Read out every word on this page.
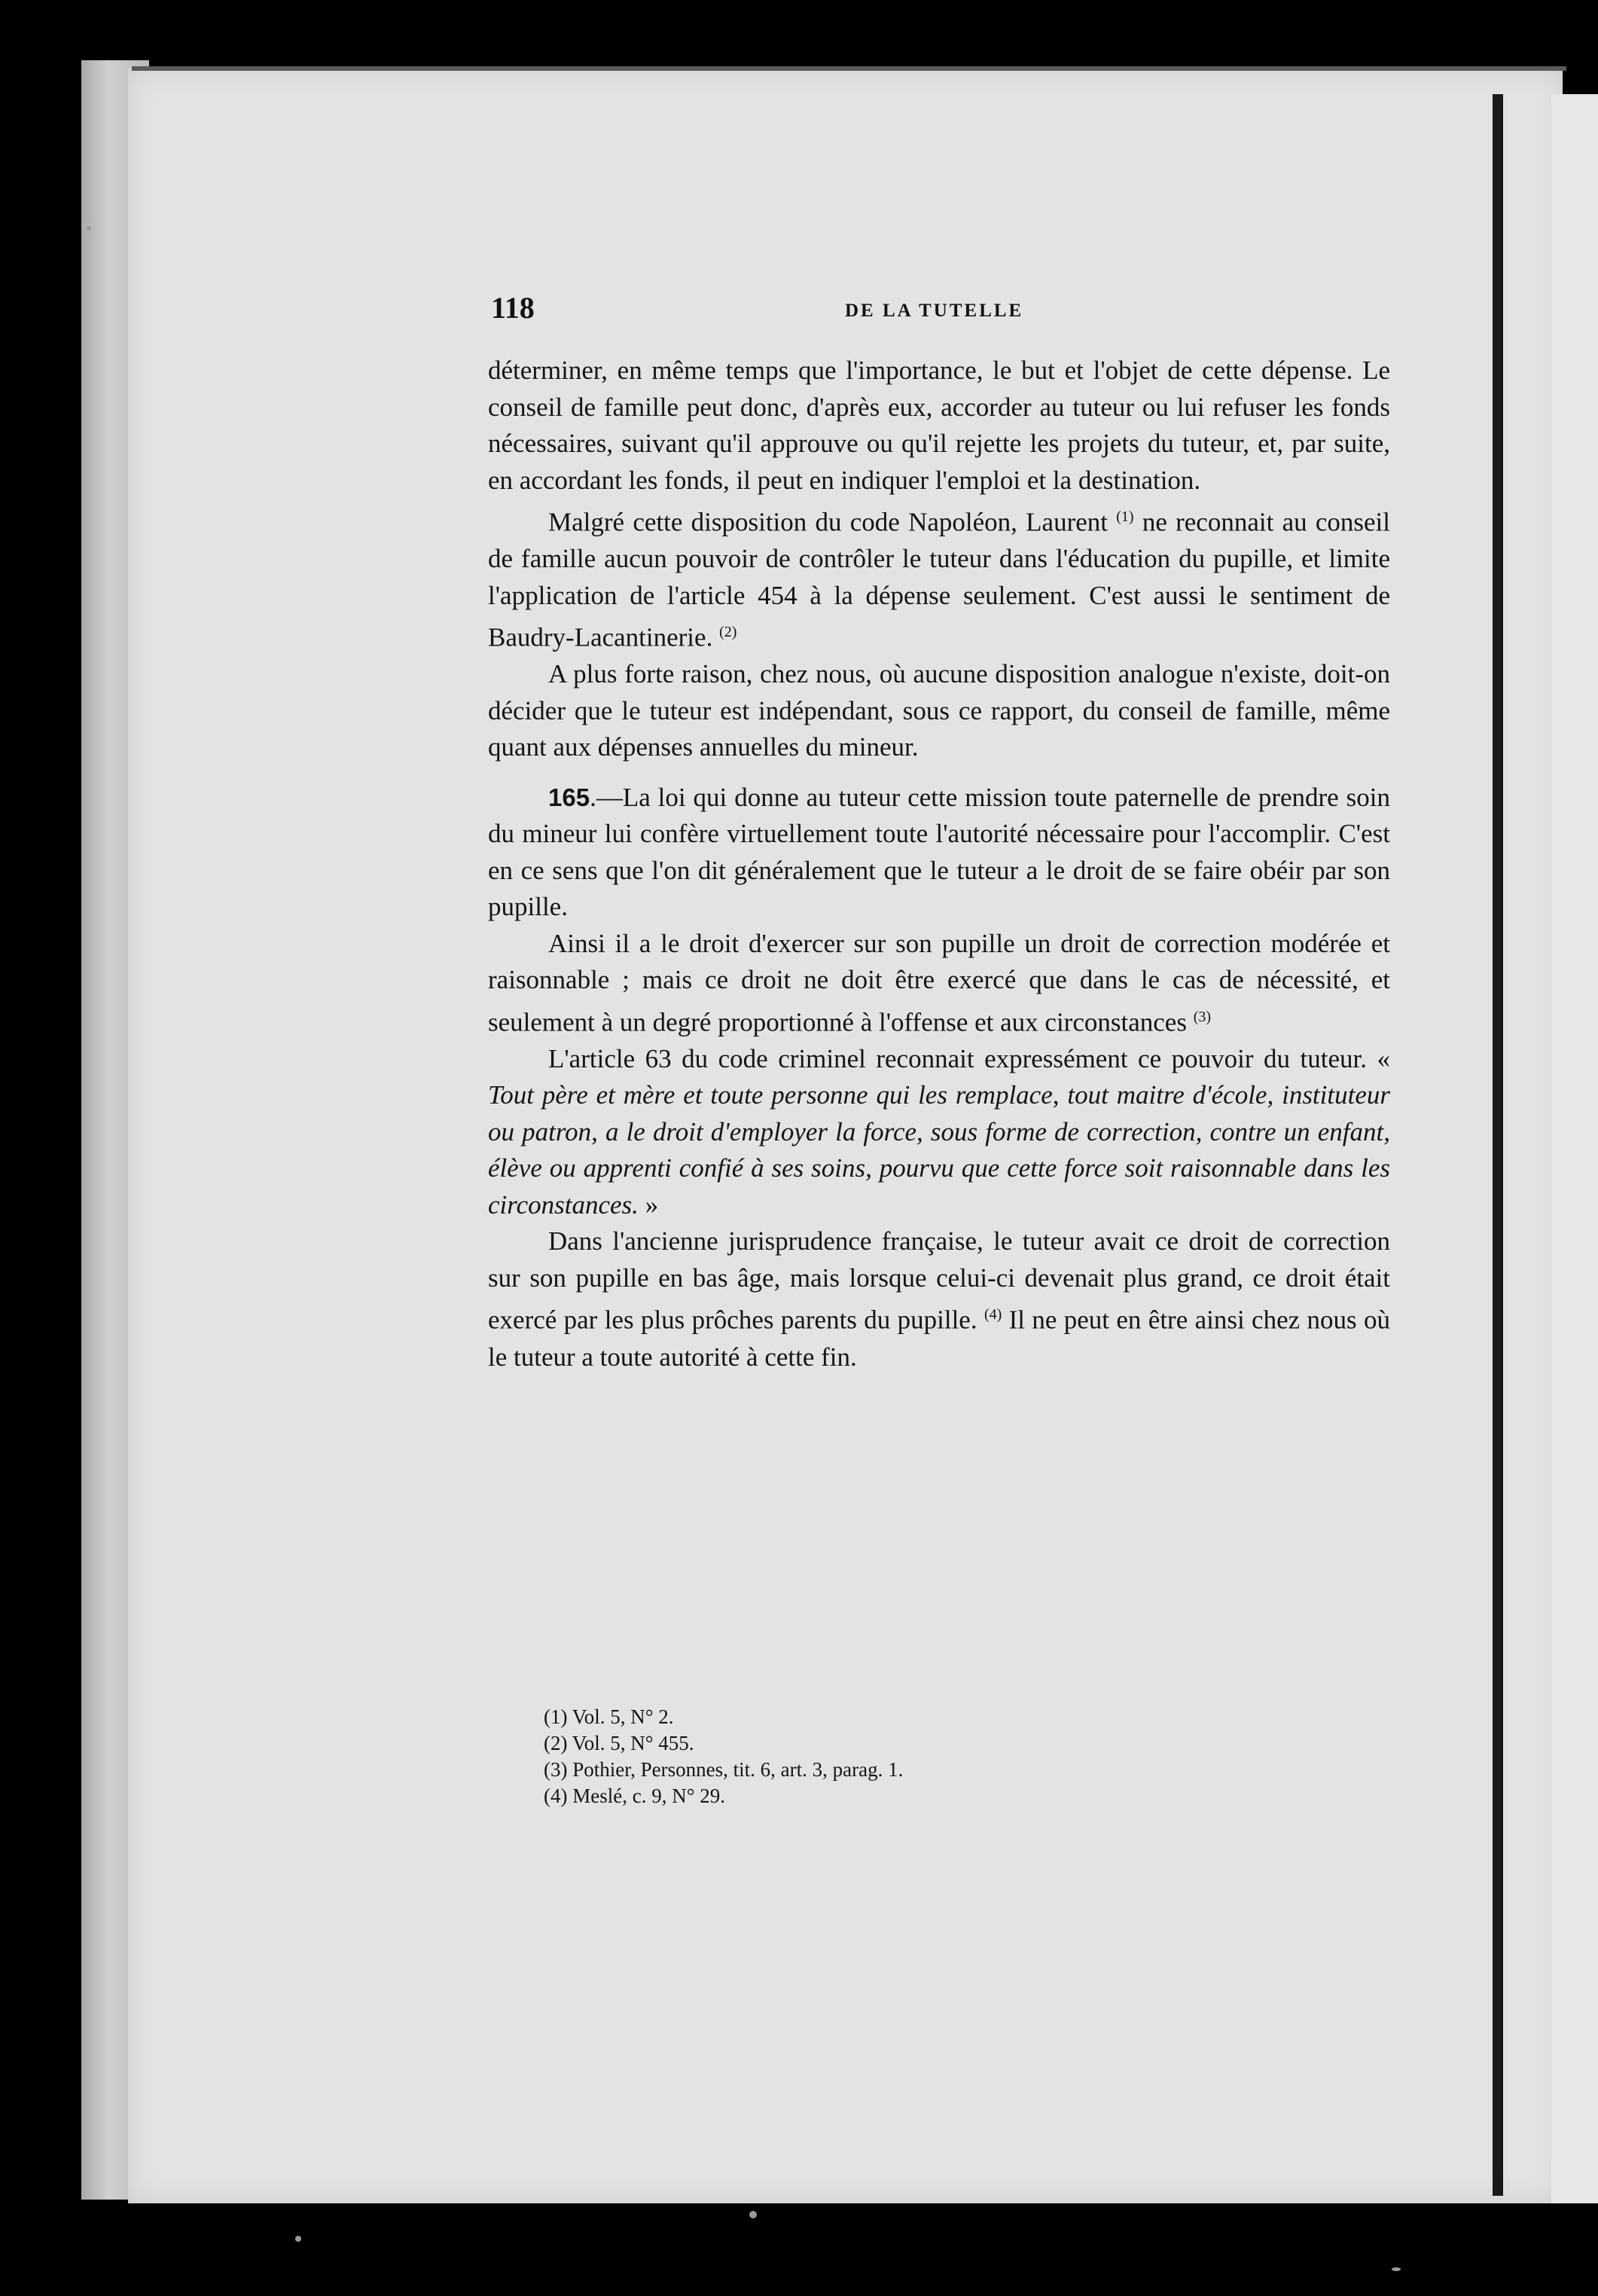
118	DE LA TUTELLE

déterminer, en même temps que l'importance, le but et l'objet de cette dépense. Le conseil de famille peut donc, d'après eux, accorder au tuteur ou lui refuser les fonds nécessaires, suivant qu'il approuve ou qu'il rejette les projets du tuteur, et, par suite, en accordant les fonds, il peut en indiquer l'emploi et la destination.

Malgré cette disposition du code Napoléon, Laurent $^{(1)}$ ne reconnait au conseil de famille aucun pouvoir de contrôler le tuteur dans l'éducation du pupille, et limite l'application de l'article 454 à la dépense seulement. C'est aussi le sentiment de Baudry-Lacantinerie. $^{(2)}$

A plus forte raison, chez nous, où aucune disposition analogue n'existe, doit-on décider que le tuteur est indépendant, sous ce rapport, du conseil de famille, même quant aux dépenses annuelles du mineur.

165.—La loi qui donne au tuteur cette mission toute paternelle de prendre soin du mineur lui confère virtuellement toute l'autorité nécessaire pour l'accomplir. C'est en ce sens que l'on dit généralement que le tuteur a le droit de se faire obéir par son pupille.

Ainsi il a le droit d'exercer sur son pupille un droit de correction modérée et raisonnable ; mais ce droit ne doit être exercé que dans le cas de nécessité, et seulement à un degré proportionné à l'offense et aux circonstances $^{(3)}$

L'article 63 du code criminel reconnait expressément ce pouvoir du tuteur. « Tout père et mère et toute personne qui les remplace, tout maitre d'école, instituteur ou patron, a le droit d'employer la force, sous forme de correction, contre un enfant, élève ou apprenti confié à ses soins, pourvu que cette force soit raisonnable dans les circonstances. »

Dans l'ancienne jurisprudence française, le tuteur avait ce droit de correction sur son pupille en bas âge, mais lorsque celui-ci devenait plus grand, ce droit était exercé par les plus prôches parents du pupille. $^{(4)}$ Il ne peut en être ainsi chez nous où le tuteur a toute autorité à cette fin.

(1) Vol. 5, N° 2.
(2) Vol. 5, N° 455.
(3) Pothier, Personnes, tit. 6, art. 3, parag. 1.
(4) Meslé, c. 9, N° 29.
